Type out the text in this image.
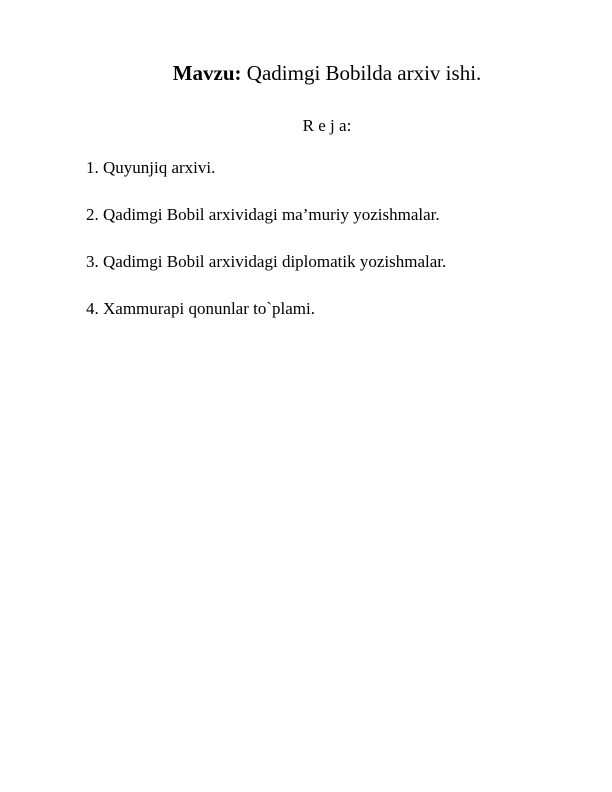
Mavzu: Qadimgi Bobilda arxiv ishi.
R e j a:
1. Quyunjiq arxivi.
2. Qadimgi Bobil arxividagi ma’muriy yozishmalar.
3. Qadimgi Bobil arxividagi diplomatik yozishmalar.
4. Xammurapi qonunlar to`plami.
